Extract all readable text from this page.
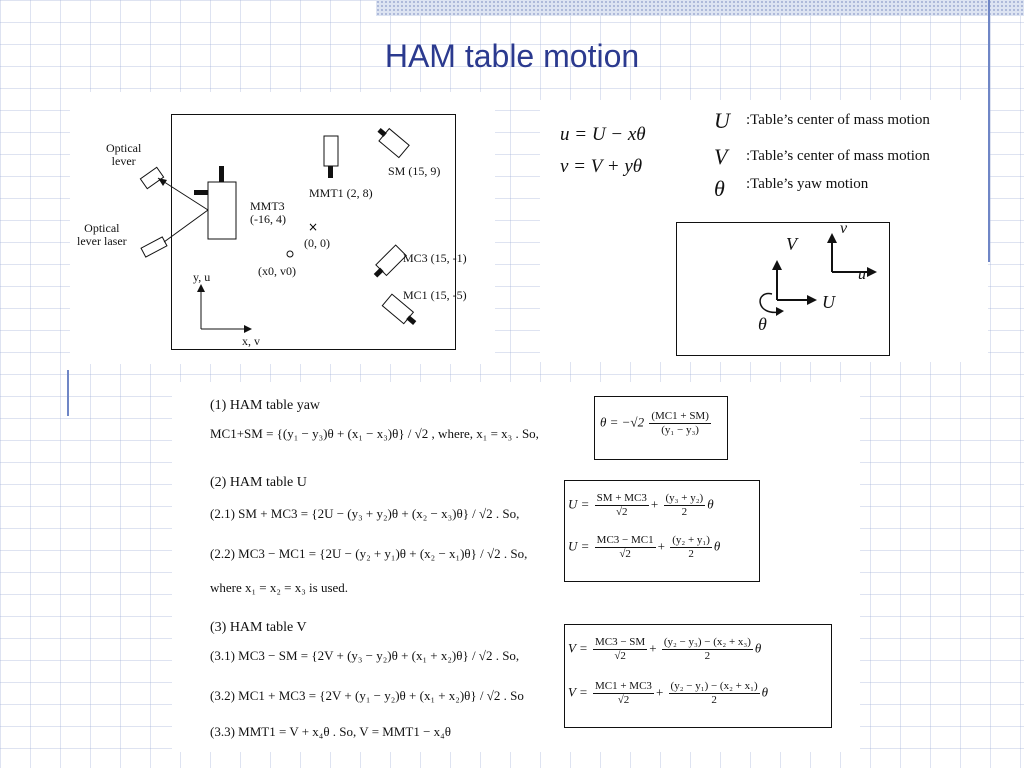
HAM table motion
×
Optical
lever
Optical
lever laser
MMT3
(-16, 4)
MMT1 (2, 8)
SM (15, 9)
(0, 0)
(x0, v0)
MC3 (15, -1)
MC1 (15, -5)
y, u
x, v
u = U − xθ
v = V + yθ
U :Table’s center of mass motion
V :Table’s center of mass motion
θ :Table’s yaw motion
V
U
θ
v
u
(1) HAM table yaw
MC1+SM = {(y₁ − y₃)θ + (x₁ − x₃)θ} / √2 , where, x₁ = x₃ . So,
$\theta = -√2 \frac{(MC1 + SM)}{\text{(y₁ − y₃)}}$
(2) HAM table U
(2.1) SM + MC3 = {2U − (y₃ + y₂)θ + (x₂ − x₃)θ} / √2 . So,
(2.2) MC3 − MC1 = {2U − (y₂ + y₁)θ + (x₂ − x₁)θ} / √2 . So,
$U = \frac{SM + MC3}{√2} + \frac{\text{(y₃ + y₂)}}{2}$ θ
$U = \frac{MC3 - MC1}{√2} + \frac{\text{(y₂ + y₁)}}{2}$ θ
where x₁ = x₂ = x₃ is used.
(3) HAM table V
(3.1) MC3 − SM = {2V + (y₃ − y₂)θ + (x₁ + x₂)θ} / √2 . So,
(3.2) MC1 + MC3 = {2V + (y₁ − y₂)θ + (x₁ + x₂)θ} / √2 . So
$V = \frac{MC3 - SM}{√2} + \frac{\text{(y₂ − y₃) − (x₂ + x₃)}}{2}$ θ
$V = \frac{MC1 + MC3}{√2} + \frac{\text{(y₂ − y₁) − (x₂ + x₁)}}{2}$ θ
(3.3) MMT1 = V + x₄θ . So, V = MMT1 − x₄θ
